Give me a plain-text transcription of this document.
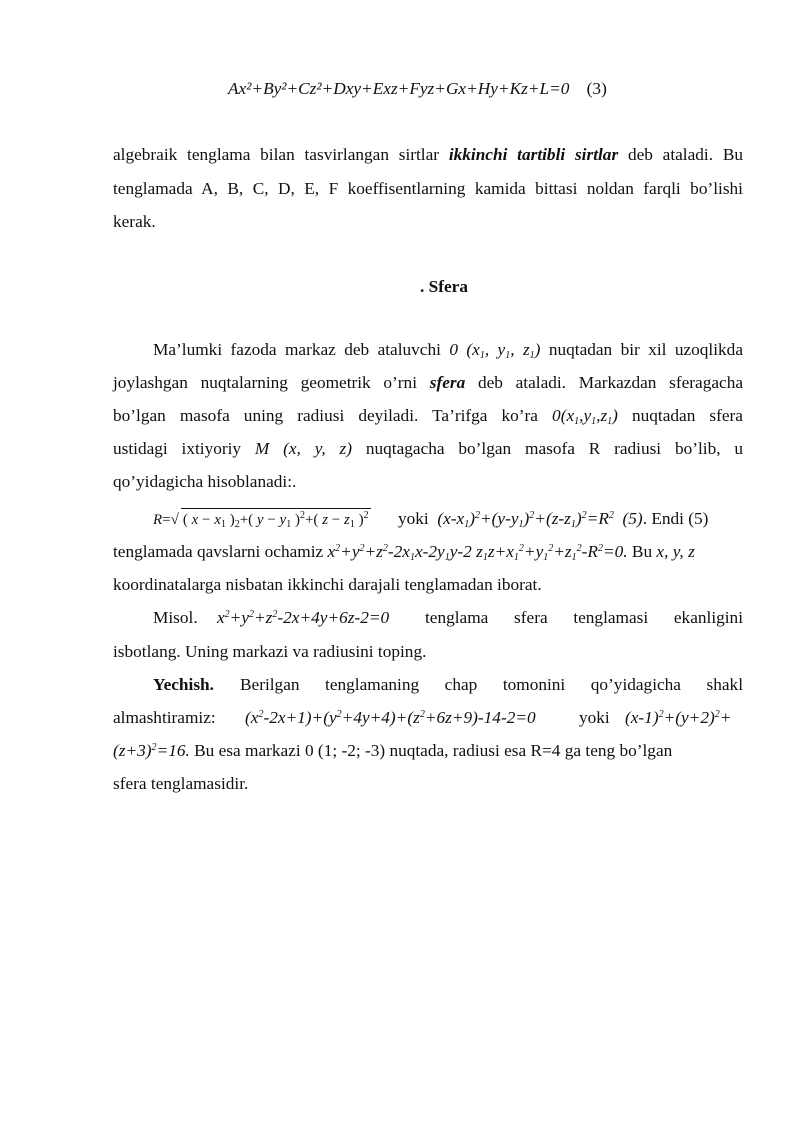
Ax²+By²+Cz²+Dxy+Exz+Fyz+Gx+Hy+Kz+L=0 (3)
algebraik tenglama bilan tasvirlangan sirtlar ikkinchi tartibli sirtlar deb ataladi. Bu
tenglamada A, B, C, D, E, F koeffisentlarning kamida bittasi noldan farqli bo’lishi
kerak.
. Sfera
Ma’lumki fazoda markaz deb ataluvchi 0 ($x_1$, $y_1$, $z_1$) nuqtadan bir xil uzoqlikda
joylashgan nuqtalarning geometrik o’rni sfera deb ataladi. Markazdan sferagacha
bo’lgan masofa uning radiusi deyiladi. Ta’rifga ko’ra $0(x_1,y_1,z_1)$ nuqtadan sfera
ustidagi ixtiyoriy M (x, y, z) nuqtagacha bo’lgan masofa R radiusi bo’lib, u
qo’yidagicha hisoblanadi:.
R=√ ( $x - x_1$ )$_2+$( $y - y_1$ )$^2$+( $z - z_1$ )$^2$ yoki  $(x-x_1)^2+(y-y_1)^2+(z-z_1)^2=R^2$  (5). Endi (5)
tenglamada qavslarni ochamiz $x^2+y^2+z^2-2x_1x-2y_1y-2$ $z_1z+x_1^2+y_1^2+z_1^2-R^2=0$. Bu x, y, z
koordinatalarga nisbatan ikkinchi darajali tenglamadan iborat.
Misol. $x^2+y^2+z^2-2x+4y+6z-2=0$ tenglama sfera tenglamasi ekanligini
isbotlang. Uning markazi va radiusini toping.
Yechish. Berilgan tenglamaning chap tomonini qo’yidagicha shakl
almashtiramiz: $(x^2-2x+1)+(y^2+4y+4)+(z^2+6z+9)-14-2=0$	yoki $(x-1)^2+(y+2)^2+$
$(z+3)^2=16$. Bu esa markazi 0 (1; -2; -3) nuqtada, radiusi esa R=4 ga teng bo’lgan
sfera tenglamasidir.
